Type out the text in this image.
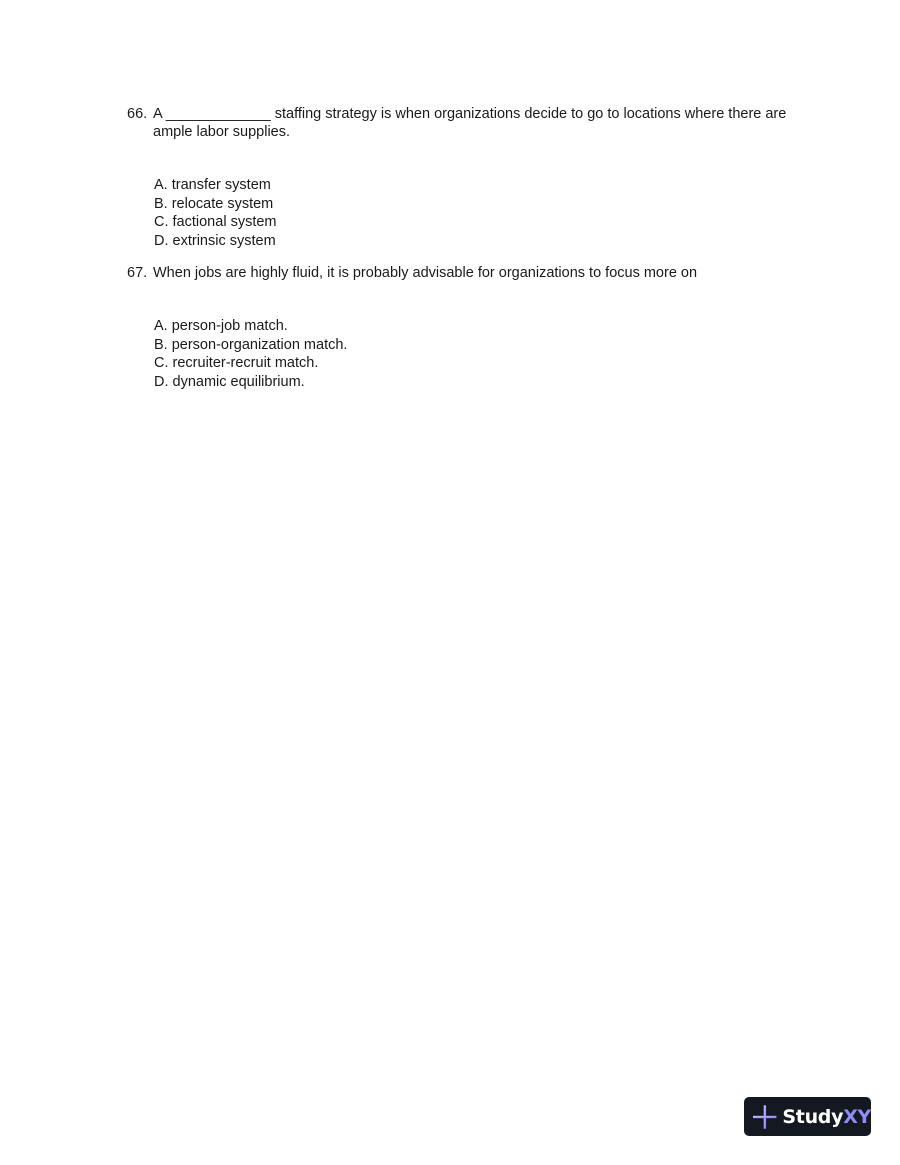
66. A _____________ staffing strategy is when organizations decide to go to locations where there are ample labor supplies.
A. transfer system
B. relocate system
C. factional system
D. extrinsic system
67. When jobs are highly fluid, it is probably advisable for organizations to focus more on
A. person-job match.
B. person-organization match.
C. recruiter-recruit match.
D. dynamic equilibrium.
StudyXY
